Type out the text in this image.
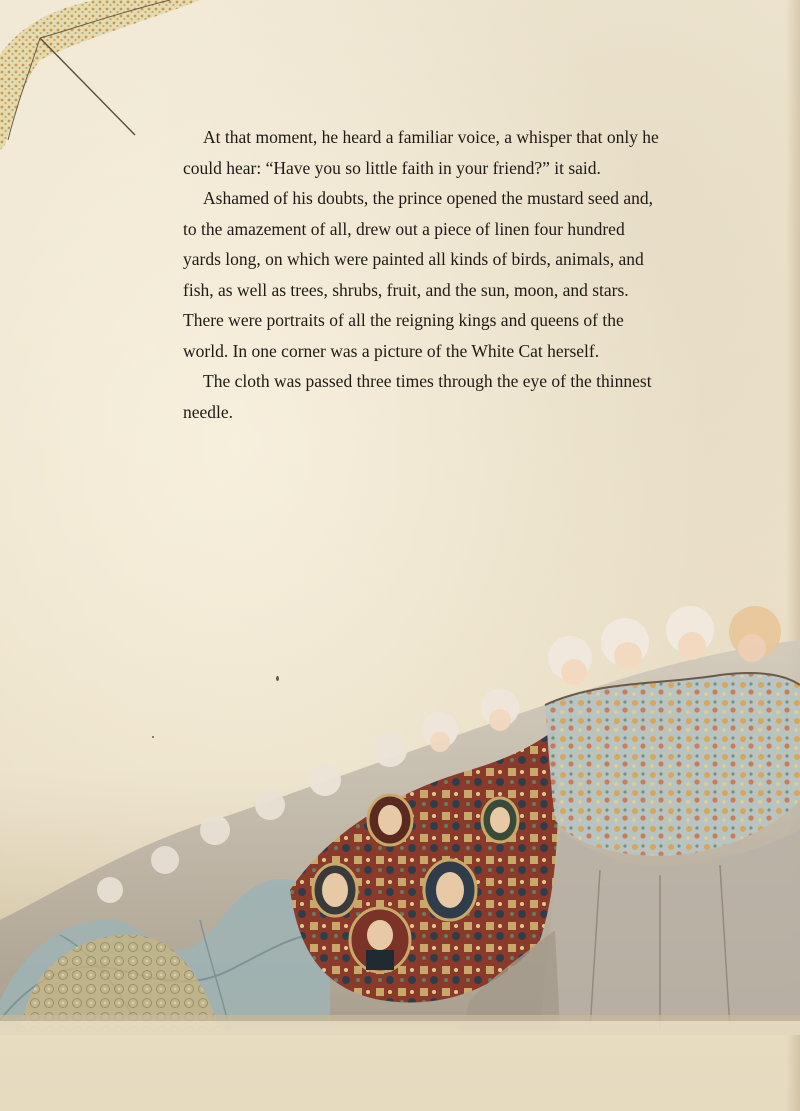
At that moment, he heard a familiar voice, a whisper that only he could hear: “Have you so little faith in your friend?” it said.

Ashamed of his doubts, the prince opened the mustard seed and, to the amazement of all, drew out a piece of linen four hundred yards long, on which were painted all kinds of birds, animals, and fish, as well as trees, shrubs, fruit, and the sun, moon, and stars. There were portraits of all the reigning kings and queens of the world. In one corner was a picture of the White Cat herself.

The cloth was passed three times through the eye of the thinnest needle.
